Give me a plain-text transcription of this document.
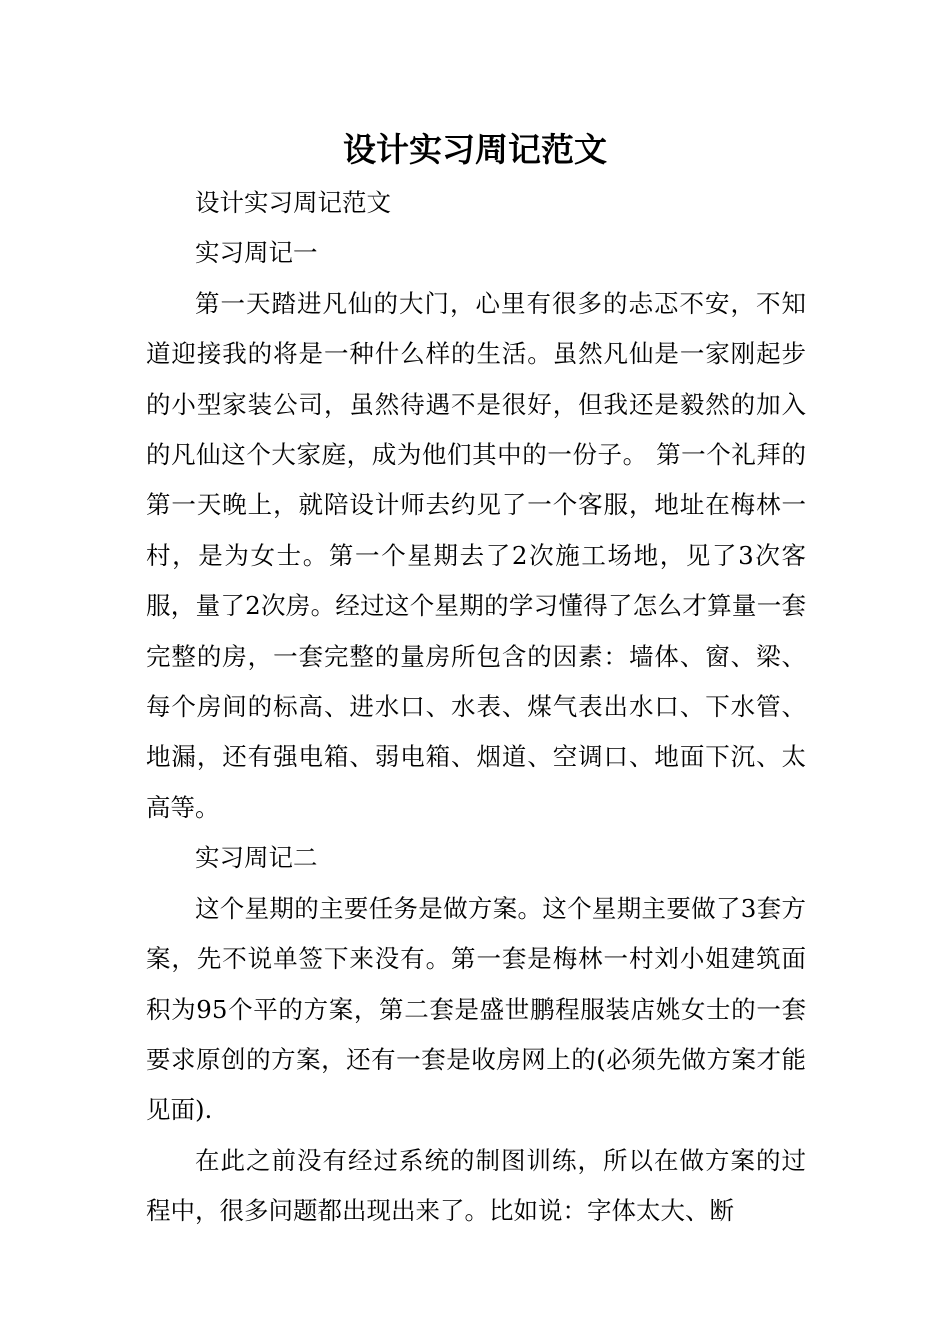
设计实习周记范文

设计实习周记范文

实习周记一

第一天踏进凡仙的大门，心里有很多的忐忑不安，不知道迎接我的将是一种什么样的生活。虽然凡仙是一家刚起步的小型家装公司，虽然待遇不是很好，但我还是毅然的加入的凡仙这个大家庭，成为他们其中的一份子。 第一个礼拜的第一天晚上，就陪设计师去约见了一个客服，地址在梅林一村，是为女士。第一个星期去了2次施工场地，见了3次客服，量了2次房。经过这个星期的学习懂得了怎么才算量一套完整的房，一套完整的量房所包含的因素：墙体、窗、梁、每个房间的标高、进水口、水表、煤气表出水口、下水管、地漏，还有强电箱、弱电箱、烟道、空调口、地面下沉、太高等。

实习周记二

这个星期的主要任务是做方案。这个星期主要做了3套方案，先不说单签下来没有。第一套是梅林一村刘小姐建筑面积为95个平的方案，第二套是盛世鹏程服装店姚女士的一套要求原创的方案，还有一套是收房网上的(必须先做方案才能见面).

在此之前没有经过系统的制图训练，所以在做方案的过程中，很多问题都出现出来了。比如说：字体太大、断
